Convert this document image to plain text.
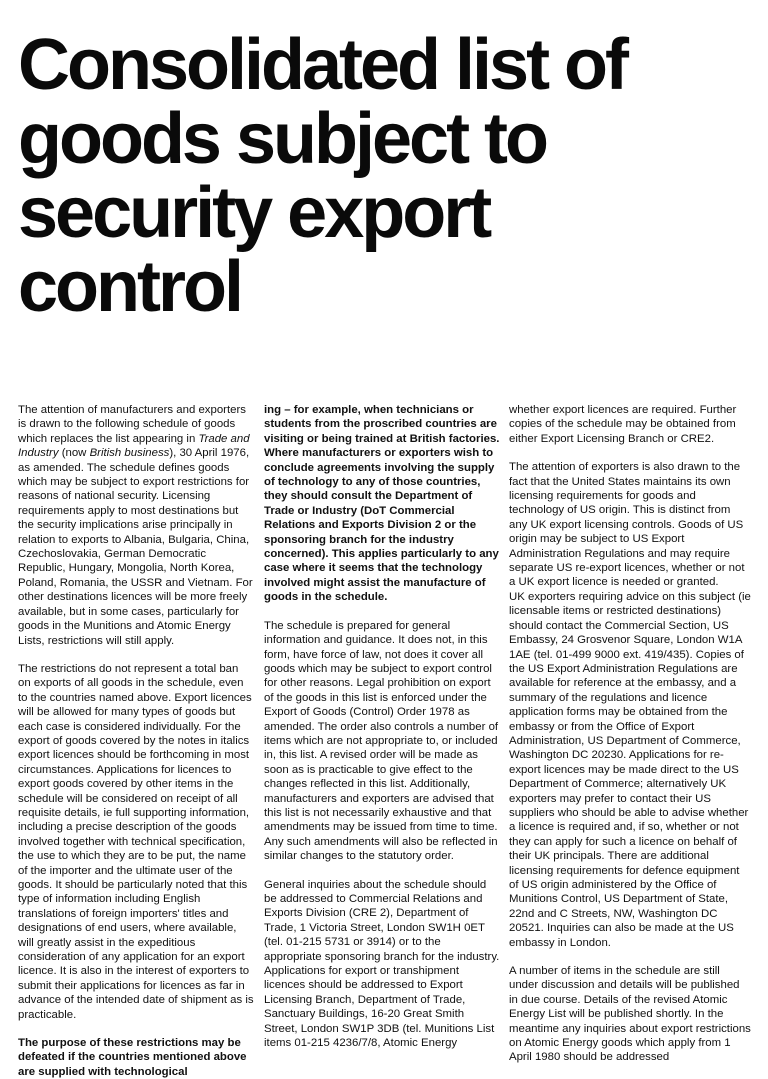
Consolidated list of
goods subject to
security export
control

The attention of manufacturers and exporters is drawn to the following schedule of goods which replaces the list appearing in Trade and Industry (now British business), 30 April 1976, as amended. The schedule defines goods which may be subject to export restrictions for reasons of national security. Licensing requirements apply to most destinations but the security implications arise principally in relation to exports to Albania, Bulgaria, China, Czechoslovakia, German Democratic Republic, Hungary, Mongolia, North Korea, Poland, Romania, the USSR and Vietnam. For other destinations licences will be more freely available, but in some cases, particularly for goods in the Munitions and Atomic Energy Lists, restrictions will still apply.

The restrictions do not represent a total ban on exports of all goods in the schedule, even to the countries named above. Export licences will be allowed for many types of goods but each case is considered individually. For the export of goods covered by the notes in italics export licences should be forthcoming in most circumstances. Applications for licences to export goods covered by other items in the schedule will be considered on receipt of all requisite details, ie full supporting information, including a precise description of the goods involved together with technical specification, the use to which they are to be put, the name of the importer and the ultimate user of the goods. It should be particularly noted that this type of information including English translations of foreign importers' titles and designations of end users, where available, will greatly assist in the expeditious consideration of any application for an export licence. It is also in the interest of exporters to submit their applications for licences as far in advance of the intended date of shipment as is practicable.

The purpose of these restrictions may be defeated if the countries mentioned above are supplied with technological

ing – for example, when technicians or students from the proscribed countries are visiting or being trained at British factories. Where manufacturers or exporters wish to conclude agreements involving the supply of technology to any of those countries, they should consult the Department of Trade or Industry (DoT Commercial Relations and Exports Division 2 or the sponsoring branch for the industry concerned). This applies particularly to any case where it seems that the technology involved might assist the manufacture of goods in the schedule.

The schedule is prepared for general information and guidance. It does not, in this form, have force of law, not does it cover all goods which may be subject to export control for other reasons. Legal prohibition on export of the goods in this list is enforced under the Export of Goods (Control) Order 1978 as amended. The order also controls a number of items which are not appropriate to, or included in, this list. A revised order will be made as soon as is practicable to give effect to the changes reflected in this list. Additionally, manufacturers and exporters are advised that this list is not necessarily exhaustive and that amendments may be issued from time to time. Any such amendments will also be reflected in similar changes to the statutory order.

General inquiries about the schedule should be addressed to Commercial Relations and Exports Division (CRE 2), Department of Trade, 1 Victoria Street, London SW1H 0ET (tel. 01-215 5731 or 3914) or to the appropriate sponsoring branch for the industry. Applications for export or transhipment licences should be addressed to Export Licensing Branch, Department of Trade, Sanctuary Buildings, 16-20 Great Smith Street, London SW1P 3DB (tel. Munitions List items 01-215 4236/7/8, Atomic Energy

whether export licences are required. Further copies of the schedule may be obtained from either Export Licensing Branch or CRE2.

The attention of exporters is also drawn to the fact that the United States maintains its own licensing requirements for goods and technology of US origin. This is distinct from any UK export licensing controls. Goods of US origin may be subject to US Export Administration Regulations and may require separate US re-export licences, whether or not a UK export licence is needed or granted.

UK exporters requiring advice on this subject (ie licensable items or restricted destinations) should contact the Commercial Section, US Embassy, 24 Grosvenor Square, London W1A 1AE (tel. 01-499 9000 ext. 419/435). Copies of the US Export Administration Regulations are available for reference at the embassy, and a summary of the regulations and licence application forms may be obtained from the embassy or from the Office of Export Administration, US Department of Commerce, Washington DC 20230. Applications for re-export licences may be made direct to the US Department of Commerce; alternatively UK exporters may prefer to contact their US suppliers who should be able to advise whether a licence is required and, if so, whether or not they can apply for such a licence on behalf of their UK principals. There are additional licensing requirements for defence equipment of US origin administered by the Office of Munitions Control, US Department of State, 22nd and C Streets, NW, Washington DC 20521. Inquiries can also be made at the US embassy in London.

A number of items in the schedule are still under discussion and details will be published in due course. Details of the revised Atomic Energy List will be published shortly. In the meantime any inquiries about export restrictions on Atomic Energy goods which apply from 1 April 1980 should be addressed
